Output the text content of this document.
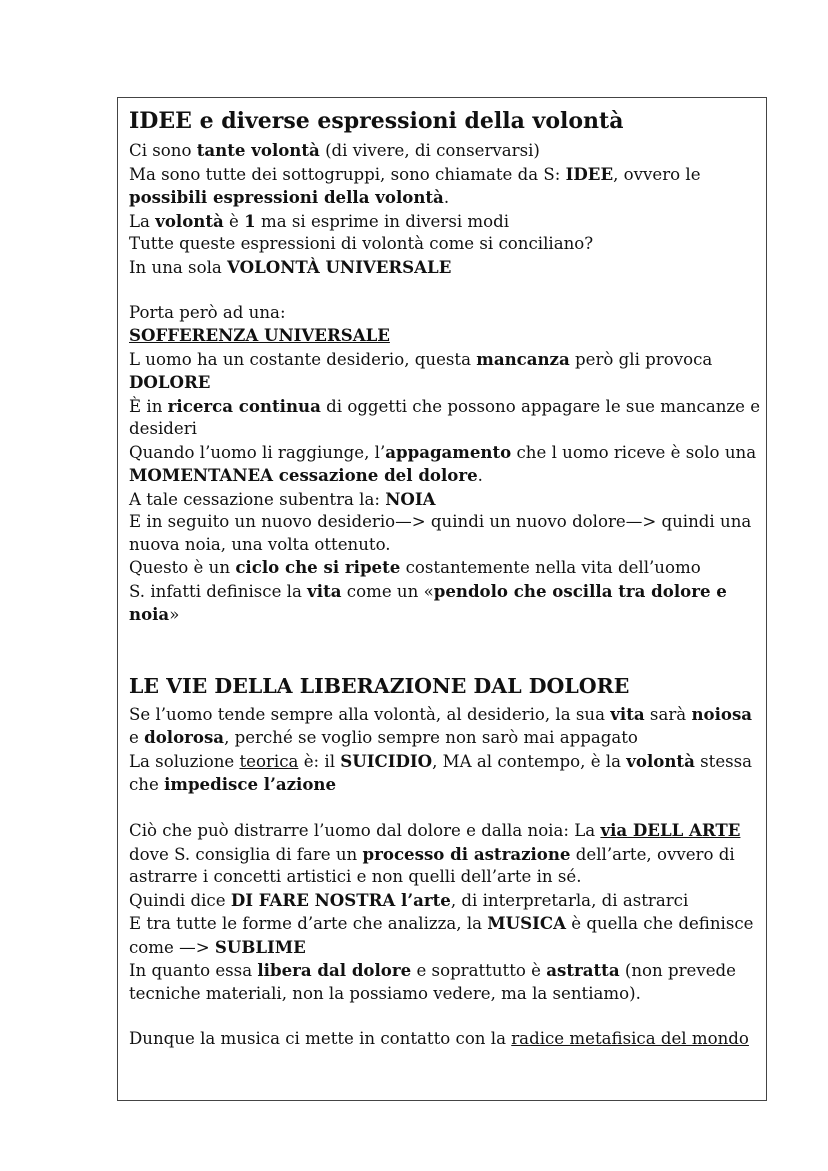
IDEE e diverse espressioni della volontà

Ci sono tante volontà (di vivere, di conservarsi)

Ma sono tutte dei sottogruppi, sono chiamate da S: IDEE, ovvero le

possibili espressioni della volontà.

La volontà è 1 ma si esprime in diversi modi

Tutte queste espressioni di volontà come si conciliano?

In una sola VOLONTÀ UNIVERSALE

Porta però ad una:

SOFFERENZA UNIVERSALE

L uomo ha un costante desiderio, questa mancanza però gli provoca

DOLORE

È in ricerca continua di oggetti che possono appagare le sue mancanze e desideri

Quando l’uomo li raggiunge, l’appagamento che l uomo riceve è solo una

MOMENTANEA cessazione del dolore.

A tale cessazione subentra la: NOIA

E in seguito un nuovo desiderio—> quindi un nuovo dolore—> quindi una nuova noia, una volta ottenuto.

Questo è un ciclo che si ripete costantemente nella vita dell’uomo

S. infatti definisce la vita come un «pendolo che oscilla tra dolore e noia»

LE VIE DELLA LIBERAZIONE DAL DOLORE

Se l’uomo tende sempre alla volontà, al desiderio, la sua vita sarà noiosa e dolorosa, perché se voglio sempre non sarò mai appagato

La soluzione teorica è: il SUICIDIO, MA al contempo, è la volontà stessa che impedisce l’azione

Ciò che può distrarre l’uomo dal dolore e dalla noia: La via DELL ARTE

dove S. consiglia di fare un processo di astrazione dell’arte, ovvero di astrarre i concetti artistici e non quelli dell’arte in sé.

Quindi dice DI FARE NOSTRA l’arte, di interpretarla, di astrarci

E tra tutte le forme d’arte che analizza, la MUSICA è quella che definisce come —> SUBLIME

In quanto essa libera dal dolore e soprattutto è astratta (non prevede tecniche materiali, non la possiamo vedere, ma la sentiamo).

Dunque la musica ci mette in contatto con la radice metafisica del mondo
